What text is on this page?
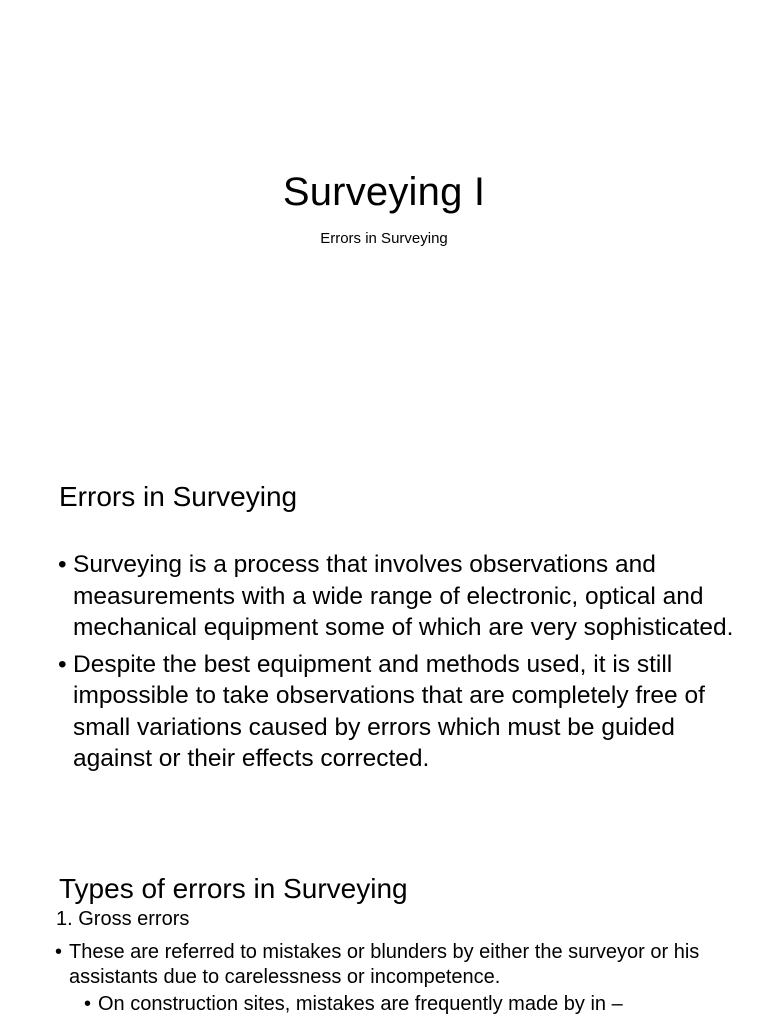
Surveying I
Errors in Surveying
Errors in Surveying
• Surveying is a process that involves observations and measurements with a wide range of electronic, optical and mechanical equipment some of which are very sophisticated.
• Despite the best equipment and methods used, it is still impossible to take observations that are completely free of small variations caused by errors which must be guided against or their effects corrected.
Types of errors in Surveying
1. Gross errors
• These are referred to mistakes or blunders by either the surveyor or his assistants due to carelessness or incompetence.
• On construction sites, mistakes are frequently made by in –
